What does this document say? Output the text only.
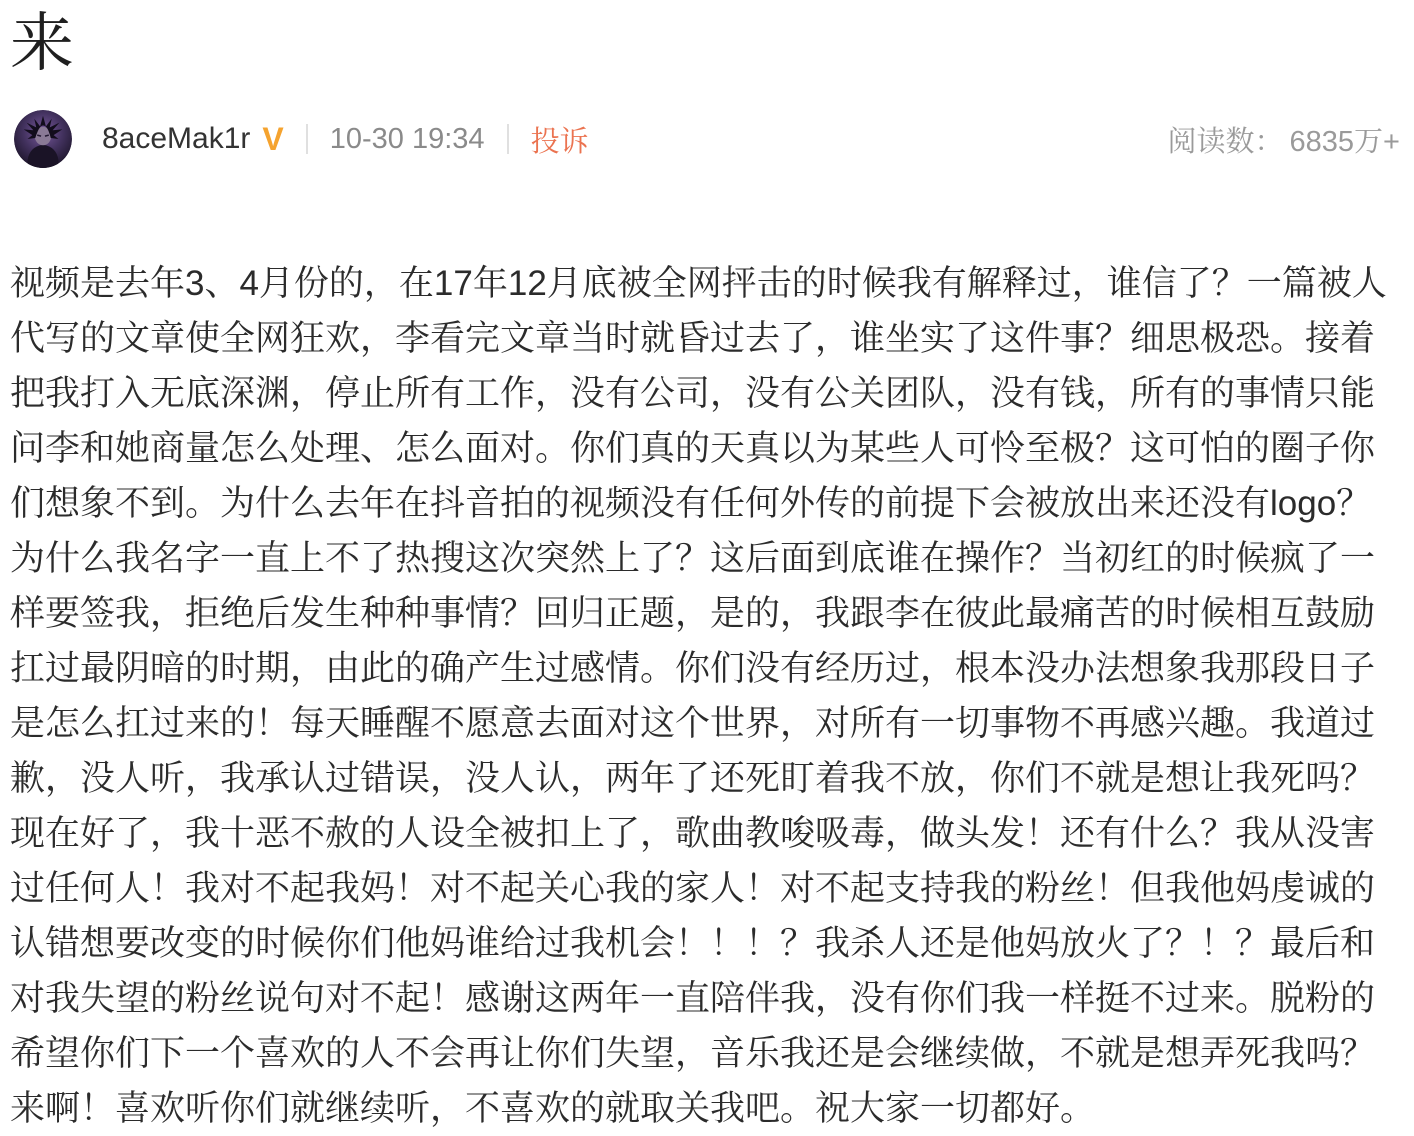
来
8aceMak1r V 10-30 19:34 投诉	阅读数： 6835万+
视频是去年3、4月份的，在17年12月底被全网抨击的时候我有解释过，谁信了？一篇被人代写的文章使全网狂欢，李看完文章当时就昏过去了，谁坐实了这件事？细思极恐。接着把我打入无底深渊，停止所有工作，没有公司，没有公关团队，没有钱，所有的事情只能问李和她商量怎么处理、怎么面对。你们真的天真以为某些人可怜至极？这可怕的圈子你们想象不到。为什么去年在抖音拍的视频没有任何外传的前提下会被放出来还没有logo？为什么我名字一直上不了热搜这次突然上了？这后面到底谁在操作？当初红的时候疯了一样要签我，拒绝后发生种种事情？回归正题，是的，我跟李在彼此最痛苦的时候相互鼓励扛过最阴暗的时期，由此的确产生过感情。你们没有经历过，根本没办法想象我那段日子是怎么扛过来的！每天睡醒不愿意去面对这个世界，对所有一切事物不再感兴趣。我道过歉，没人听，我承认过错误，没人认，两年了还死盯着我不放，你们不就是想让我死吗？现在好了，我十恶不赦的人设全被扣上了，歌曲教唆吸毒，做头发！还有什么？我从没害过任何人！我对不起我妈！对不起关心我的家人！对不起支持我的粉丝！但我他妈虔诚的认错想要改变的时候你们他妈谁给过我机会！！！？我杀人还是他妈放火了？！？最后和对我失望的粉丝说句对不起！感谢这两年一直陪伴我，没有你们我一样挺不过来。脱粉的希望你们下一个喜欢的人不会再让你们失望，音乐我还是会继续做，不就是想弄死我吗？来啊！喜欢听你们就继续听，不喜欢的就取关我吧。祝大家一切都好。
